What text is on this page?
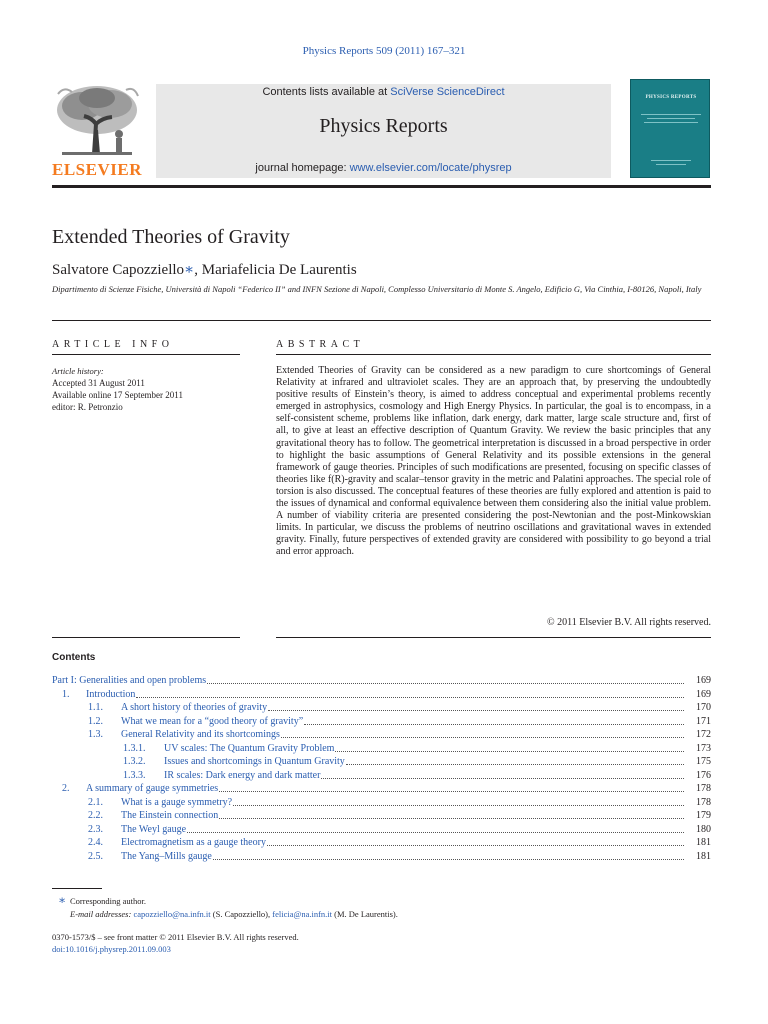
Physics Reports 509 (2011) 167–321
ELSEVIER
Contents lists available at SciVerse ScienceDirect
Physics Reports
journal homepage: www.elsevier.com/locate/physrep
PHYSICS REPORTS
Extended Theories of Gravity
Salvatore Capozziello∗, Mariafelicia De Laurentis
Dipartimento di Scienze Fisiche, Università di Napoli “Federico II” and INFN Sezione di Napoli, Complesso Universitario di Monte S. Angelo, Edificio G, Via Cinthia, I-80126, Napoli, Italy
ARTICLE INFO	ABSTRACT
Article history:
Accepted 31 August 2011
Available online 17 September 2011
editor: R. Petronzio
Extended Theories of Gravity can be considered as a new paradigm to cure shortcomings of General Relativity at infrared and ultraviolet scales. They are an approach that, by preserving the undoubtedly positive results of Einstein’s theory, is aimed to address conceptual and experimental problems recently emerged in astrophysics, cosmology and High Energy Physics. In particular, the goal is to encompass, in a self-consistent scheme, problems like inflation, dark energy, dark matter, large scale structure and, first of all, to give at least an effective description of Quantum Gravity. We review the basic principles that any gravitational theory has to follow. The geometrical interpretation is discussed in a broad perspective in order to highlight the basic assumptions of General Relativity and its possible extensions in the general framework of gauge theories. Principles of such modifications are presented, focusing on specific classes of theories like f(R)-gravity and scalar–tensor gravity in the metric and Palatini approaches. The special role of torsion is also discussed. The conceptual features of these theories are fully explored and attention is paid to the issues of dynamical and conformal equivalence between them considering also the initial value problem. A number of viability criteria are presented considering the post-Newtonian and the post-Minkowskian limits. In particular, we discuss the problems of neutrino oscillations and gravitational waves in extended gravity. Finally, future perspectives of extended gravity are considered with possibility to go beyond a trial and error approach.
© 2011 Elsevier B.V. All rights reserved.
Contents
Part I: Generalities and open problems	169
1. Introduction	169
1.1. A short history of theories of gravity	170
1.2. What we mean for a “good theory of gravity”	171
1.3. General Relativity and its shortcomings	172
1.3.1. UV scales: The Quantum Gravity Problem	173
1.3.2. Issues and shortcomings in Quantum Gravity	175
1.3.3. IR scales: Dark energy and dark matter	176
2. A summary of gauge symmetries	178
2.1. What is a gauge symmetry?	178
2.2. The Einstein connection	179
2.3. The Weyl gauge	180
2.4. Electromagnetism as a gauge theory	181
2.5. The Yang–Mills gauge	181
∗ Corresponding author.
E-mail addresses: capozziello@na.infn.it (S. Capozziello), felicia@na.infn.it (M. De Laurentis).
0370-1573/$ – see front matter © 2011 Elsevier B.V. All rights reserved.
doi:10.1016/j.physrep.2011.09.003
